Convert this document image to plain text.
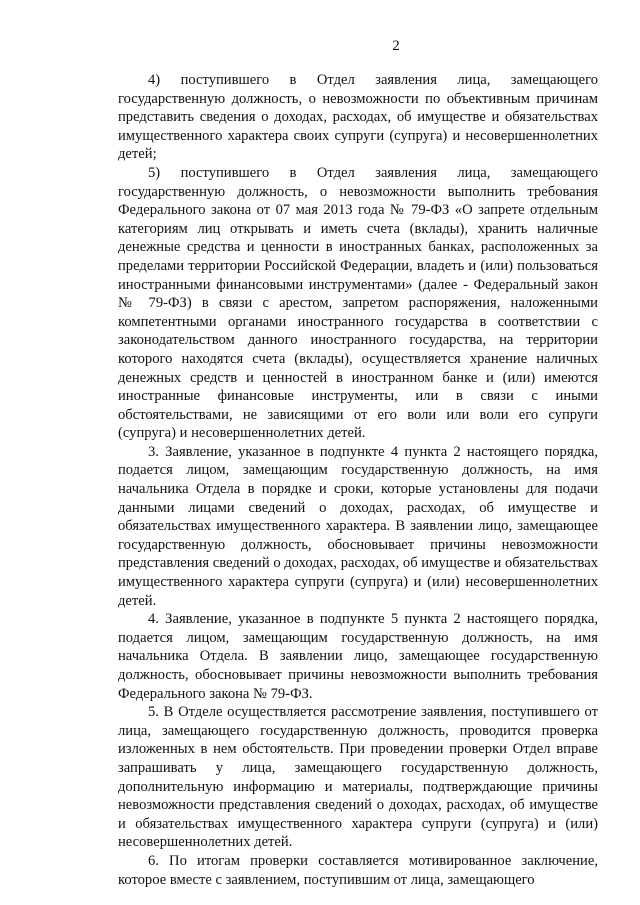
2

4) поступившего в Отдел заявления лица, замещающего государственную должность, о невозможности по объективным причинам представить сведения о доходах, расходах, об имуществе и обязательствах имущественного характера своих супруги (супруга) и несовершеннолетних детей;

5) поступившего в Отдел заявления лица, замещающего государственную должность, о невозможности выполнить требования Федерального закона от 07 мая 2013 года № 79-ФЗ «О запрете отдельным категориям лиц открывать и иметь счета (вклады), хранить наличные денежные средства и ценности в иностранных банках, расположенных за пределами территории Российской Федерации, владеть и (или) пользоваться иностранными финансовыми инструментами» (далее - Федеральный закон № 79-ФЗ) в связи с арестом, запретом распоряжения, наложенными компетентными органами иностранного государства в соответствии с законодательством данного иностранного государства, на территории которого находятся счета (вклады), осуществляется хранение наличных денежных средств и ценностей в иностранном банке и (или) имеются иностранные финансовые инструменты, или в связи с иными обстоятельствами, не зависящими от его воли или воли его супруги (супруга) и несовершеннолетних детей.

3. Заявление, указанное в подпункте 4 пункта 2 настоящего порядка, подается лицом, замещающим государственную должность, на имя начальника Отдела в порядке и сроки, которые установлены для подачи данными лицами сведений о доходах, расходах, об имуществе и обязательствах имущественного характера. В заявлении лицо, замещающее государственную должность, обосновывает причины невозможности представления сведений о доходах, расходах, об имуществе и обязательствах имущественного характера супруги (супруга) и (или) несовершеннолетних детей.

4. Заявление, указанное в подпункте 5 пункта 2 настоящего порядка, подается лицом, замещающим государственную должность, на имя начальника Отдела. В заявлении лицо, замещающее государственную должность, обосновывает причины невозможности выполнить требования Федерального закона № 79-ФЗ.

5. В Отделе осуществляется рассмотрение заявления, поступившего от лица, замещающего государственную должность, проводится проверка изложенных в нем обстоятельств. При проведении проверки Отдел вправе запрашивать у лица, замещающего государственную должность, дополнительную информацию и материалы, подтверждающие причины невозможности представления сведений о доходах, расходах, об имуществе и обязательствах имущественного характера супруги (супруга) и (или) несовершеннолетних детей.

6. По итогам проверки составляется мотивированное заключение, которое вместе с заявлением, поступившим от лица, замещающего
